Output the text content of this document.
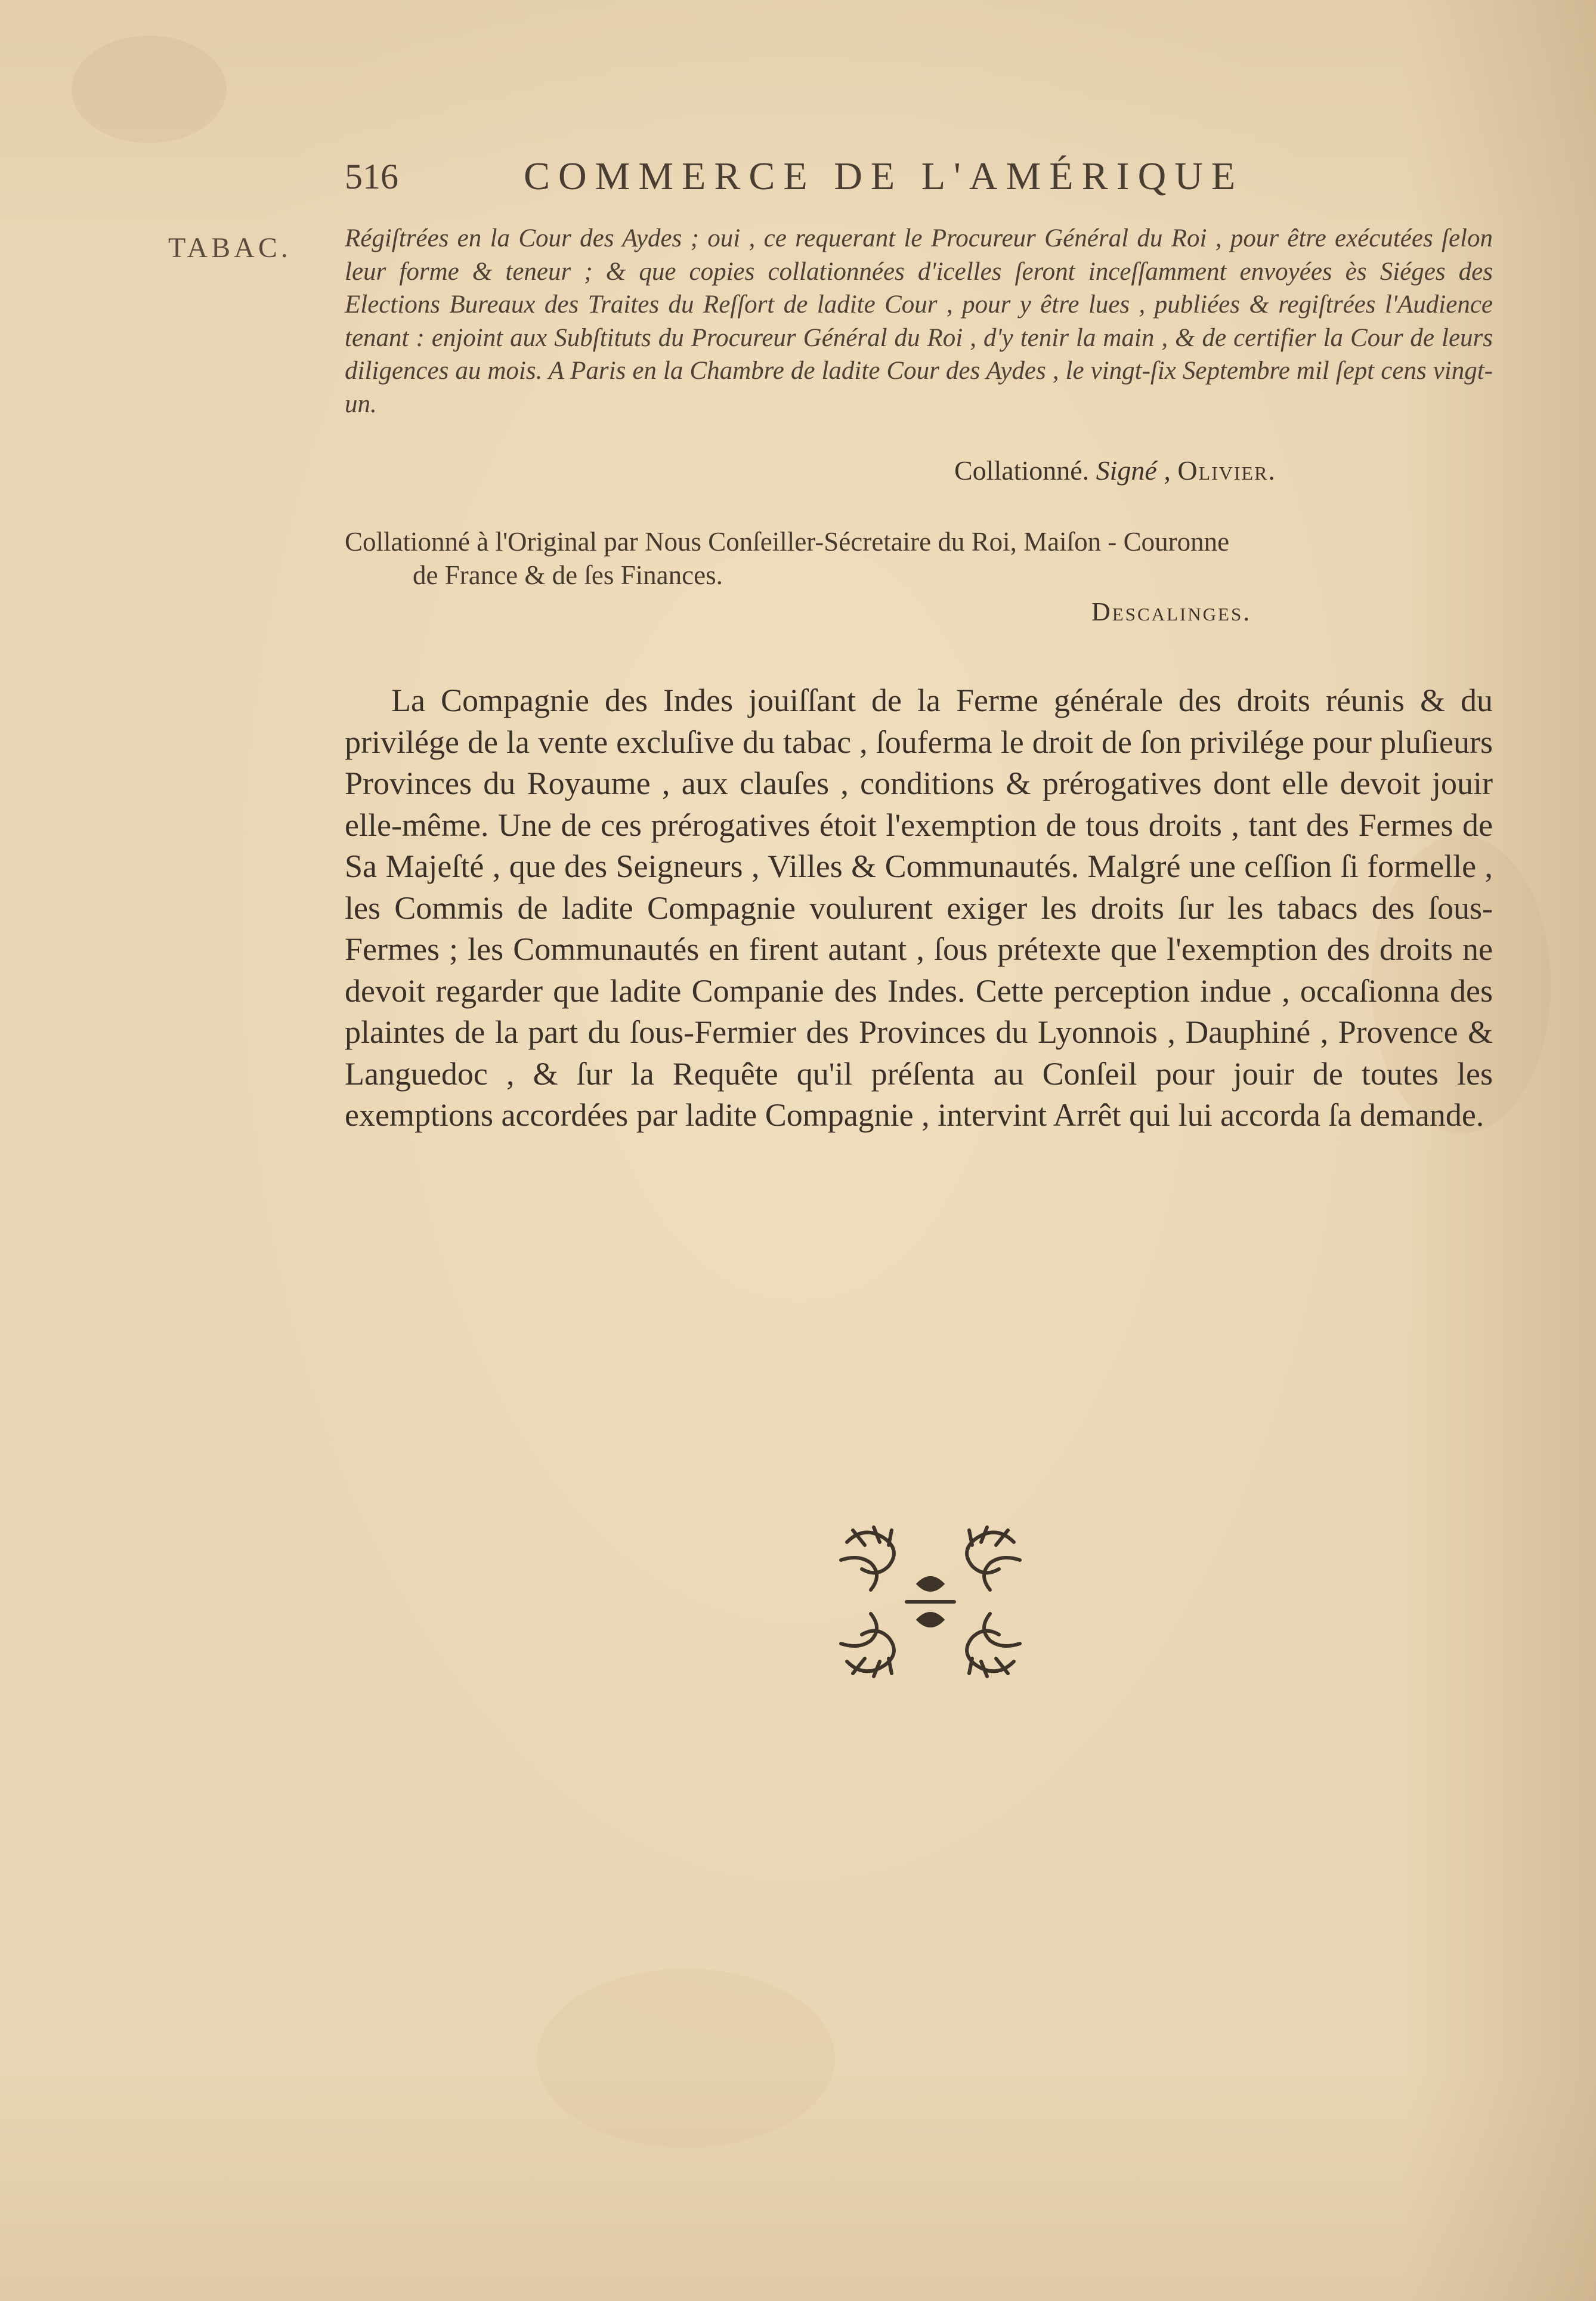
516	COMMERCE DE L'AMÉRIQUE
TABAC. Régiſtrées en la Cour des Aydes ; oui , ce requerant le Procureur Général du Roi , pour être exécutées ſelon leur forme & teneur ; & que copies collationnées d'icelles ſeront inceſſamment envoyées ès Siéges des Elections Bureaux des Traites du Reſſort de ladite Cour , pour y être lues , publiées & regiſtrées l'Audience tenant : enjoint aux Subſtituts du Procureur Général du Roi , d'y tenir la main , & de certifier la Cour de leurs diligences au mois. A Paris en la Chambre de ladite Cour des Aydes , le vingt-ſix Septembre mil ſept cens vingt-un.
Collationné. Signé , Olivier.
Collationné à l'Original par Nous Conſeiller-Sécretaire du Roi, Maiſon - Couronne
de France & de ſes Finances.
Descalinges.
La Compagnie des Indes jouiſſant de la Ferme générale des droits réunis & du privilége de la vente excluſive du tabac , ſouferma le droit de ſon privilége pour pluſieurs Provinces du Royaume , aux clauſes , conditions & prérogatives dont elle devoit jouir elle-même. Une de ces prérogatives étoit l'exemption de tous droits , tant des Fermes de Sa Majeſté , que des Seigneurs , Villes & Communautés. Malgré une ceſſion ſi formelle , les Commis de ladite Compagnie voulurent exiger les droits ſur les tabacs des ſous-Fermes ; les Communautés en firent autant , ſous prétexte que l'exemption des droits ne devoit regarder que ladite Companie des Indes. Cette perception indue , occaſionna des plaintes de la part du ſous-Fermier des Provinces du Lyonnois , Dauphiné , Provence & Languedoc , & ſur la Requête qu'il préſenta au Conſeil pour jouir de toutes les exemptions accordées par ladite Compagnie , intervint Arrêt qui lui accorda ſa demande.
